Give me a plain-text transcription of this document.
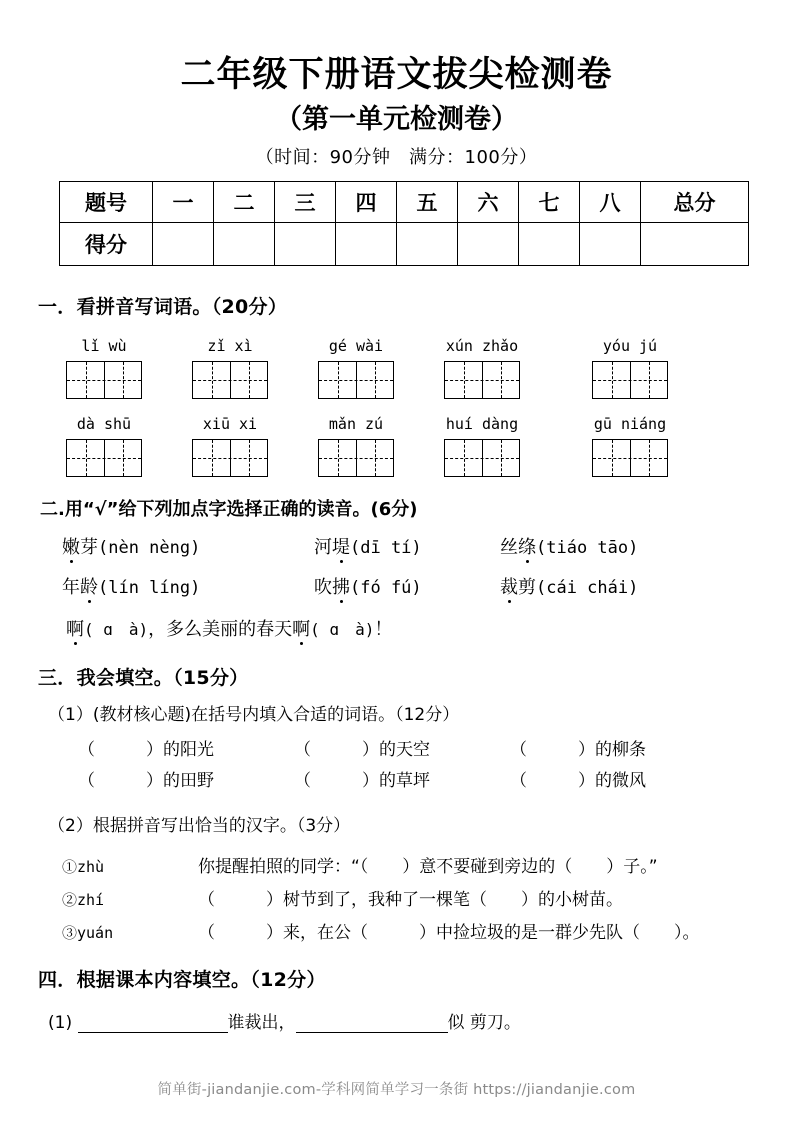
二年级下册语文拔尖检测卷
（第一单元检测卷）
（时间：90分钟　满分：100分）
题号	一	二	三	四	五	六	七	八	总分
得分									
一．看拼音写词语。（20分）
lǐ wù	zǐ xì	gé wài	xún zhǎo	yóu jú
dà shū	xiū xi	mǎn zú	huí dàng	gū niáng
二.用“√”给下列加点字选择正确的读音。(6分)
嫩芽(nèn nèng)	河堤(dī tí)	丝绦(tiáo tāo)
年龄(lín líng)	吹拂(fó fú)	裁剪(cái chái)
啊( ɑ　à)，多么美丽的春天啊( ɑ　à)！
三．我会填空。（15分）
（1）(教材核心题)在括号内填入合适的词语。（12分）
（　　　）的阳光	（　　　）的天空	（　　　）的柳条
（　　　）的田野	（　　　）的草坪	（　　　）的微风
（2）根据拼音写出恰当的汉字。（3分）
①zhù	你提醒拍照的同学：“（　　）意不要碰到旁边的（　　）子。”
②zhí	（　　　）树节到了，我种了一棵笔（　　）的小树苗。
③yuán	（　　　）来，在公（　　　）中捡垃圾的是一群少先队（　　）。
四．根据课本内容填空。（12分）
(1)	谁裁出，	似 剪刀。
简单街-jiandanjie.com-学科网简单学习一条街 https://jiandanjie.com
